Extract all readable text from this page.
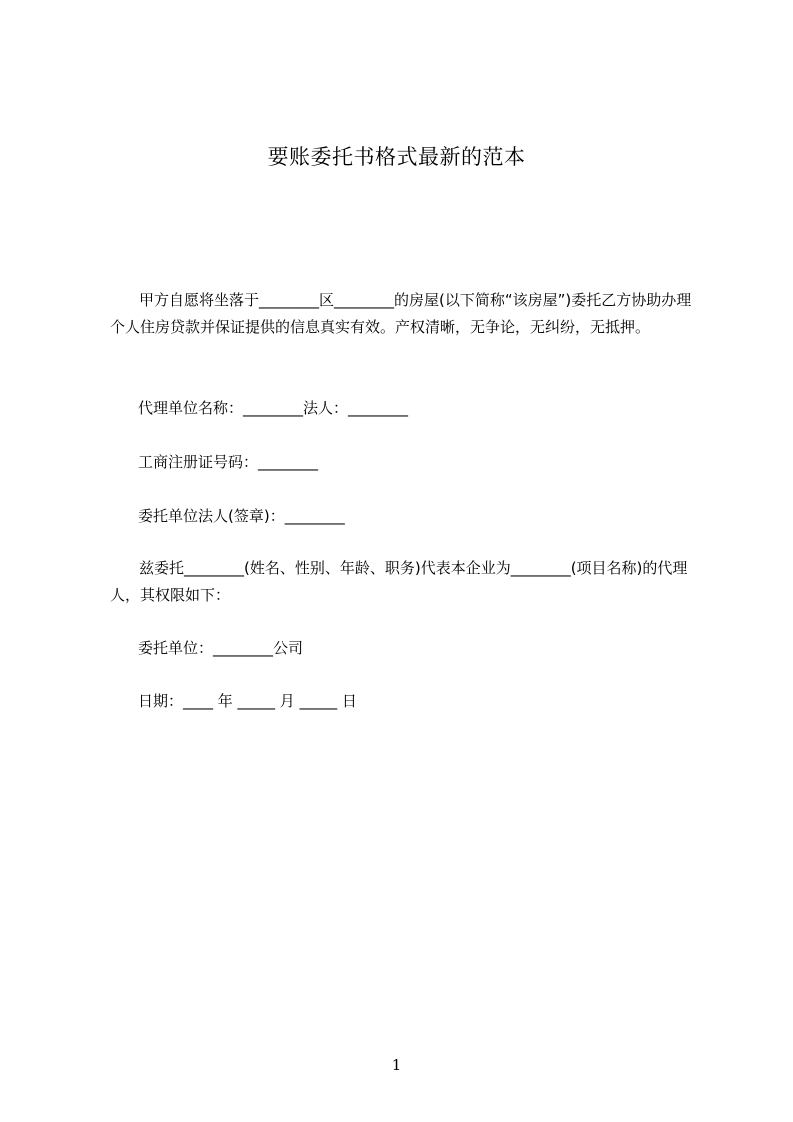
要账委托书格式最新的范本
甲方自愿将坐落于________区________的房屋(以下简称“该房屋”)委托乙方协助办理个人住房贷款并保证提供的信息真实有效。产权清晰，无争论，无纠纷，无抵押。
代理单位名称：________法人：________
工商注册证号码：________
委托单位法人(签章)：________
兹委托________(姓名、性别、年龄、职务)代表本企业为________(项目名称)的代理人，其权限如下：
委托单位：________公司
日期：____ 年 _____ 月 _____ 日
1
